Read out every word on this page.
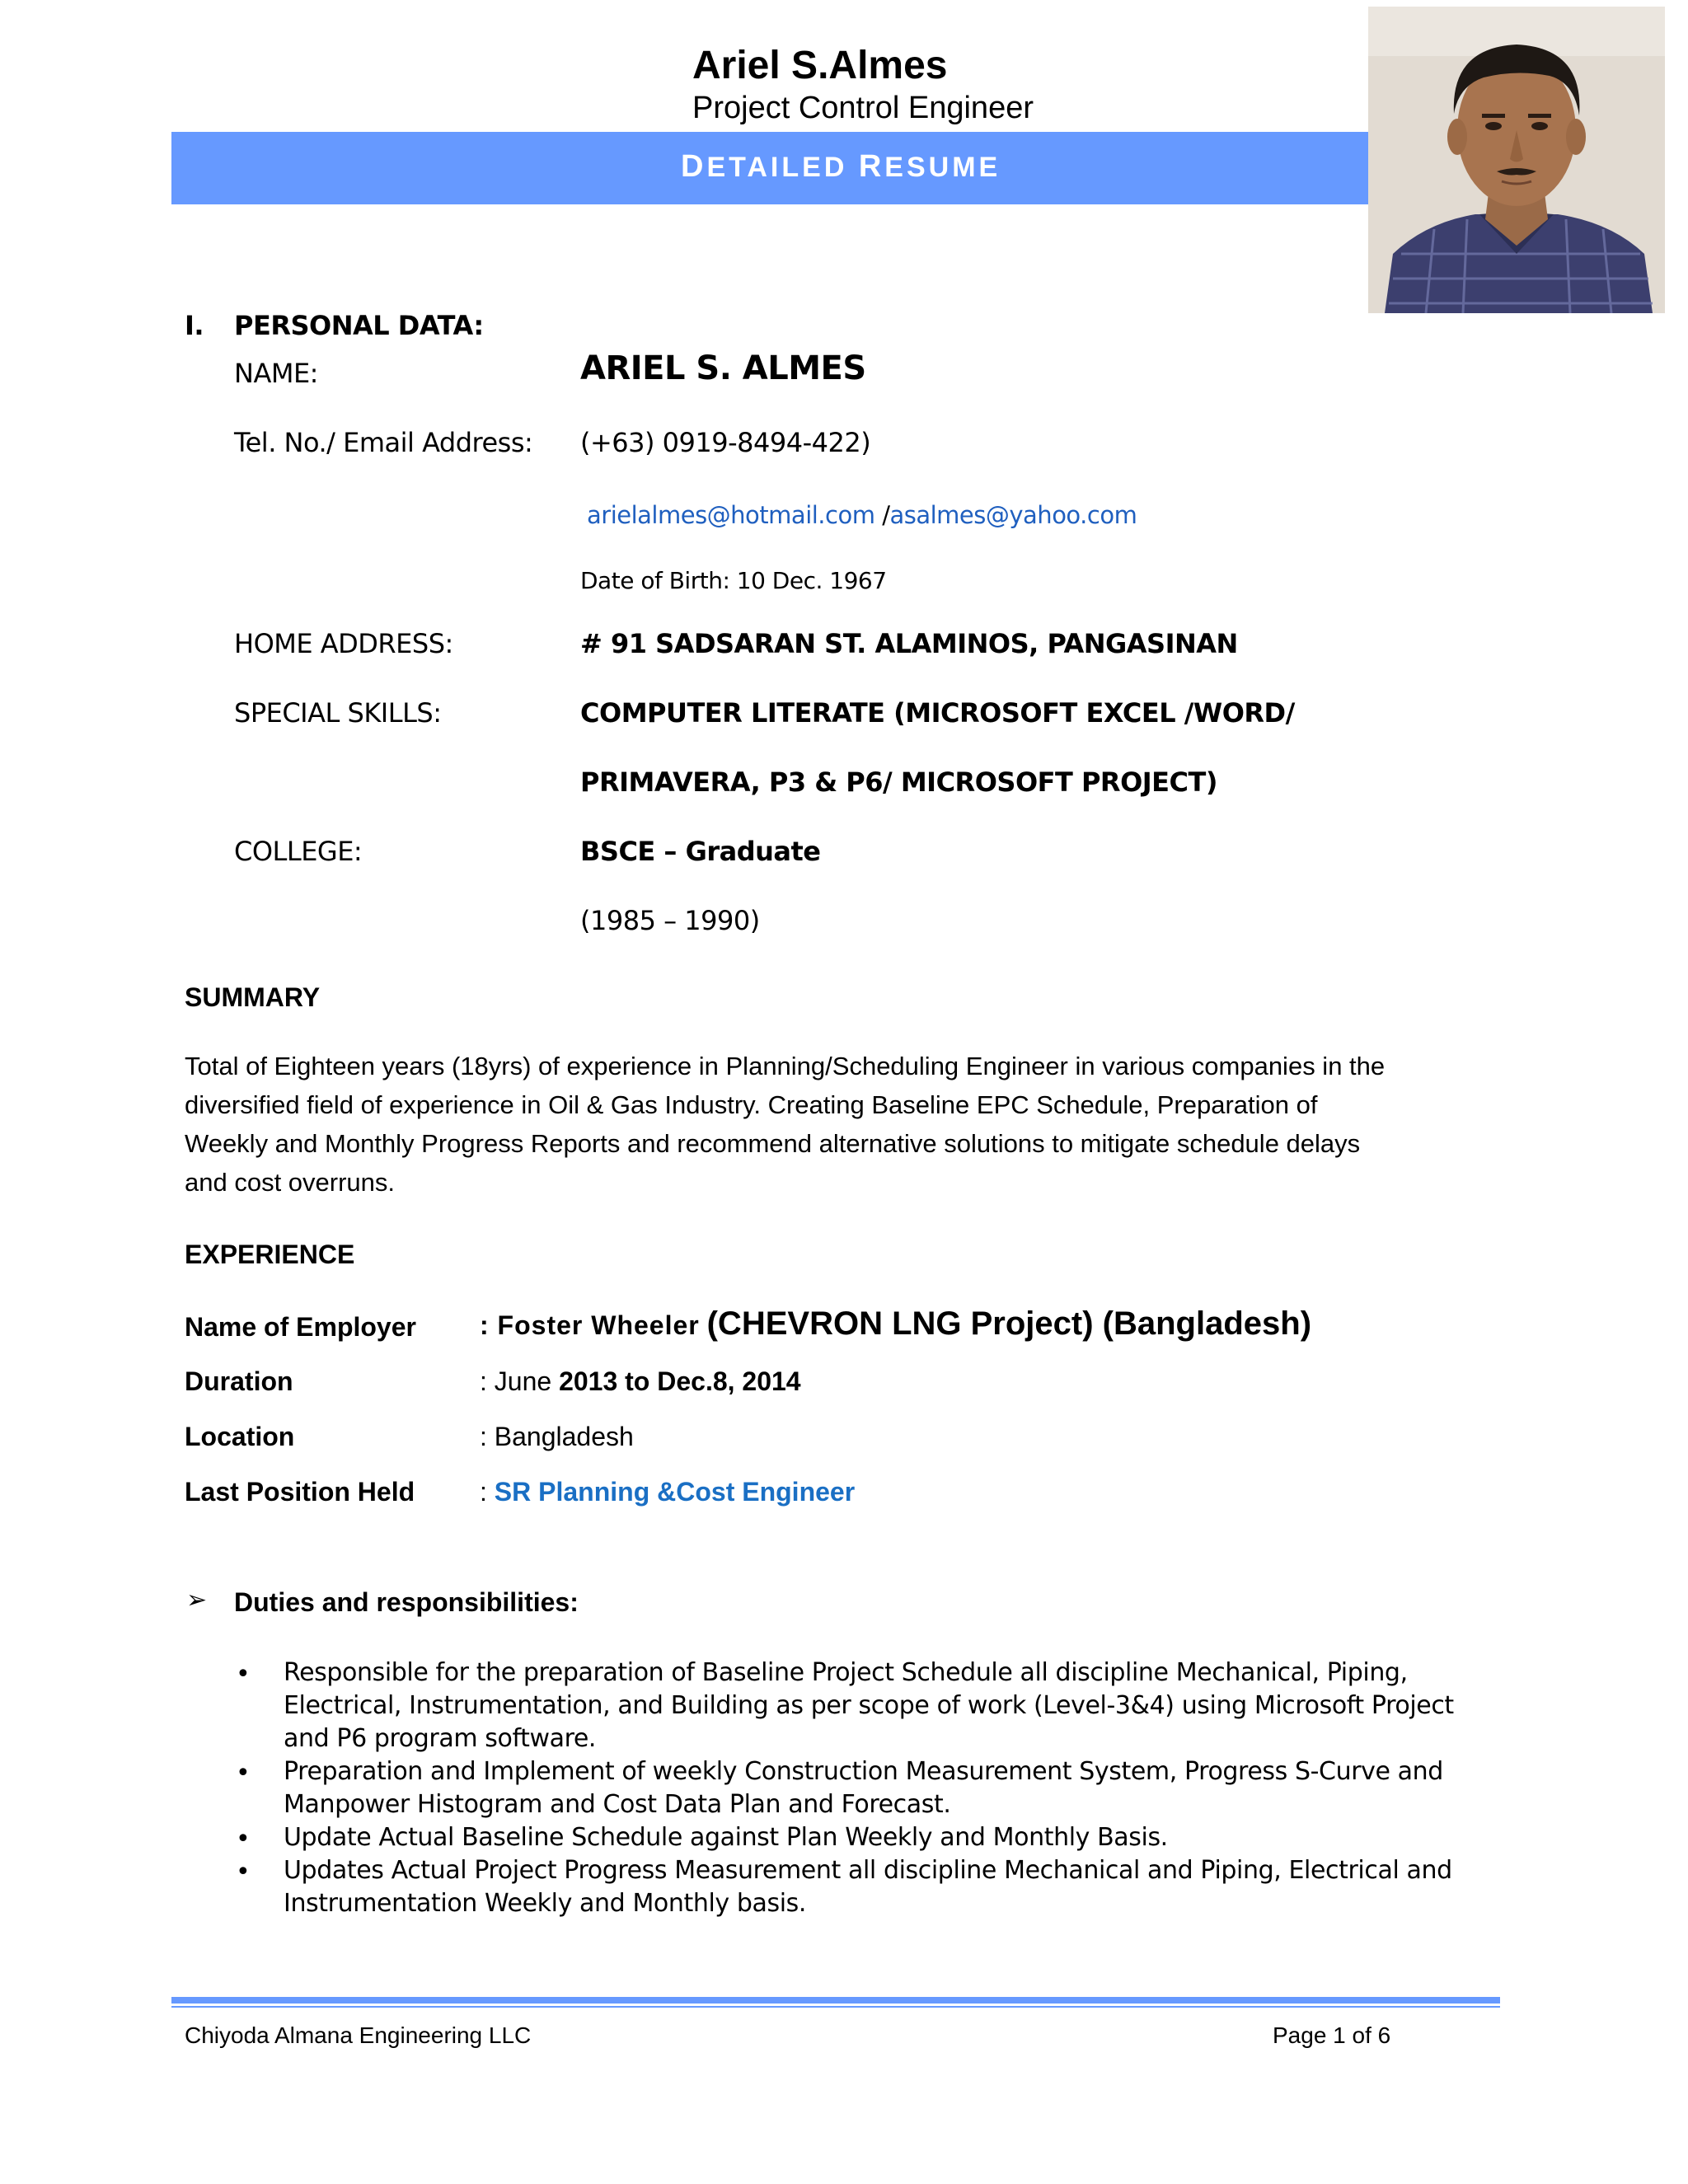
Ariel S.Almes
Project Control Engineer
DETAILED RESUME
I. PERSONAL DATA:
NAME:	ARIEL S. ALMES
Tel. No./ Email Address: (+63) 0919-8494-422)
arielalmes@hotmail.com /asalmes@yahoo.com
Date of Birth: 10 Dec. 1967
HOME ADDRESS:	# 91 SADSARAN ST. ALAMINOS, PANGASINAN
SPECIAL SKILLS:	COMPUTER LITERATE (MICROSOFT EXCEL /WORD/
PRIMAVERA, P3 & P6/ MICROSOFT PROJECT)
COLLEGE:	BSCE – Graduate
(1985 – 1990)
SUMMARY
Total of Eighteen years (18yrs) of experience in Planning/Scheduling Engineer in various companies in the
diversified field of experience in Oil & Gas Industry. Creating Baseline EPC Schedule, Preparation of
Weekly and Monthly Progress Reports and recommend alternative solutions to mitigate schedule delays
and cost overruns.
EXPERIENCE
Name of Employer : Foster Wheeler (CHEVRON LNG Project) (Bangladesh)
Duration	: June 2013 to Dec.8, 2014
Location	: Bangladesh
Last Position Held : SR Planning &Cost Engineer
➢ Duties and responsibilities:
• Responsible for the preparation of Baseline Project Schedule all discipline Mechanical, Piping,
Electrical, Instrumentation, and Building as per scope of work (Level-3&4) using Microsoft Project
and P6 program software.
• Preparation and Implement of weekly Construction Measurement System, Progress S-Curve and
Manpower Histogram and Cost Data Plan and Forecast.
• Update Actual Baseline Schedule against Plan Weekly and Monthly Basis.
• Updates Actual Project Progress Measurement all discipline Mechanical and Piping, Electrical and
Instrumentation Weekly and Monthly basis.
Chiyoda Almana Engineering LLC	Page 1 of 6
